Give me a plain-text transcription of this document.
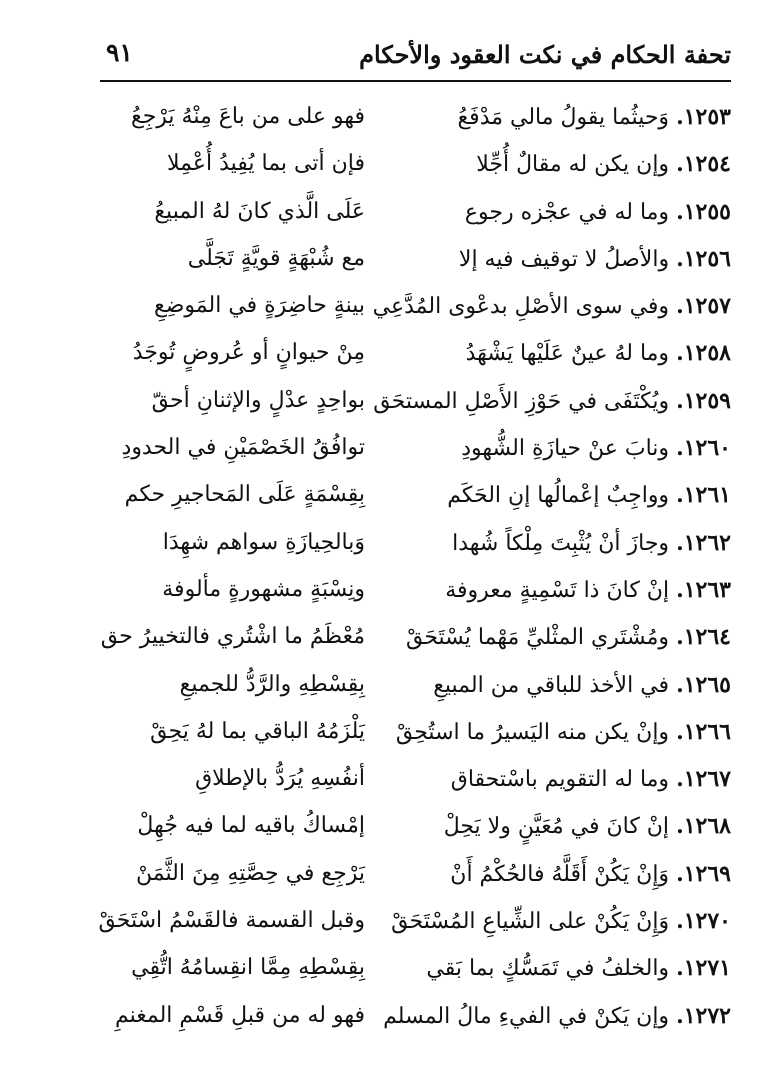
تحفة الحكام في نكت العقود والأحكام
٩١
١٢٥٣. وَحيثُما يقولُ مالي مَدْفَعُ
فهو على من باعَ مِنْهُ يَرْجِعُ
١٢٥٤. وإن يكن له مقالٌ أُجِّلا
فإن أتى بما يُفِيدُ أُعْمِلا
١٢٥٥. وما له في عجْزه رجوع
عَلَى الَّذي كانَ لهُ المبيعُ
١٢٥٦. والأصلُ لا توقيف فيه إلا
مع شُبْهَةٍ قويَّةٍ تَجَلَّى
١٢٥٧. وفي سوى الأصْلِ بدعْوى المُدَّعِي
بينةٍ حاضِرَةٍ في المَوضِعِ
١٢٥٨. وما لهُ عينٌ عَلَيْها يَشْهَدُ
مِنْ حيوانٍ أو عُروضٍ تُوجَدُ
١٢٥٩. ويُكْتَفَى في حَوْزِ الأَصْلِ المستحَق
بواحِدٍ عدْلٍ والإثنانِ أحقّ
١٢٦٠. ونابَ عنْ حيازَةِ الشُّهودِ
توافُقُ الخَصْمَيْنِ في الحدودِ
١٢٦١. وواجِبٌ إعْمالُها إنِ الحَكَم
بِقِسْمَةٍ عَلَى المَحاجيرِ حكم
١٢٦٢. وجازَ أنْ يُثْبِتَ مِلْكاً شُهدا
وَبالحِيازَةِ سواهم شهِدَا
١٢٦٣. إنْ كانَ ذا تَسْمِيةٍ معروفة
ونِسْبَةٍ مشهورةٍ مألوفة
١٢٦٤. ومُشْتَري المثْليِّ مَهْما يُسْتَحَقْ
مُعْظَمُ ما اشْتُري فالتخييرُ حق
١٢٦٥. في الأخذ للباقي من المبيعِ
بِقِسْطِهِ والرَّدُّ للجميعِ
١٢٦٦. وإنْ يكن منه اليَسيرُ ما استُحِقْ
يَلْزَمُهُ الباقي بما لهُ يَحِقْ
١٢٦٧. وما له التقويم باسْتحقاق
أنفُسِهِ يُرَدُّ بالإطلاقِ
١٢٦٨. إنْ كانَ في مُعَيَّنٍ ولا يَحِلْ
إمْساكُ باقيه لما فيه جُهِلْ
١٢٦٩. وَإِنْ يَكُنْ أَقَلَّهُ فالحُكْمُ أَنْ
يَرْجِع في حِصَّتِهِ مِنَ الثَّمَنْ
١٢٧٠. وَإِنْ يَكُنْ على الشِّياعِ المُسْتَحَقْ
وقبل القسمة فالقَسْمُ اسْتَحَقْ
١٢٧١. والخلفُ في تَمَسُّكٍ بما بَقي
بِقِسْطِهِ مِمَّا انقِسامُهُ اتُّقِي
١٢٧٢. وإن يَكنْ في الفيءِ مالُ المسلم
فهو له من قبلِ قَسْمِ المغنمِ
